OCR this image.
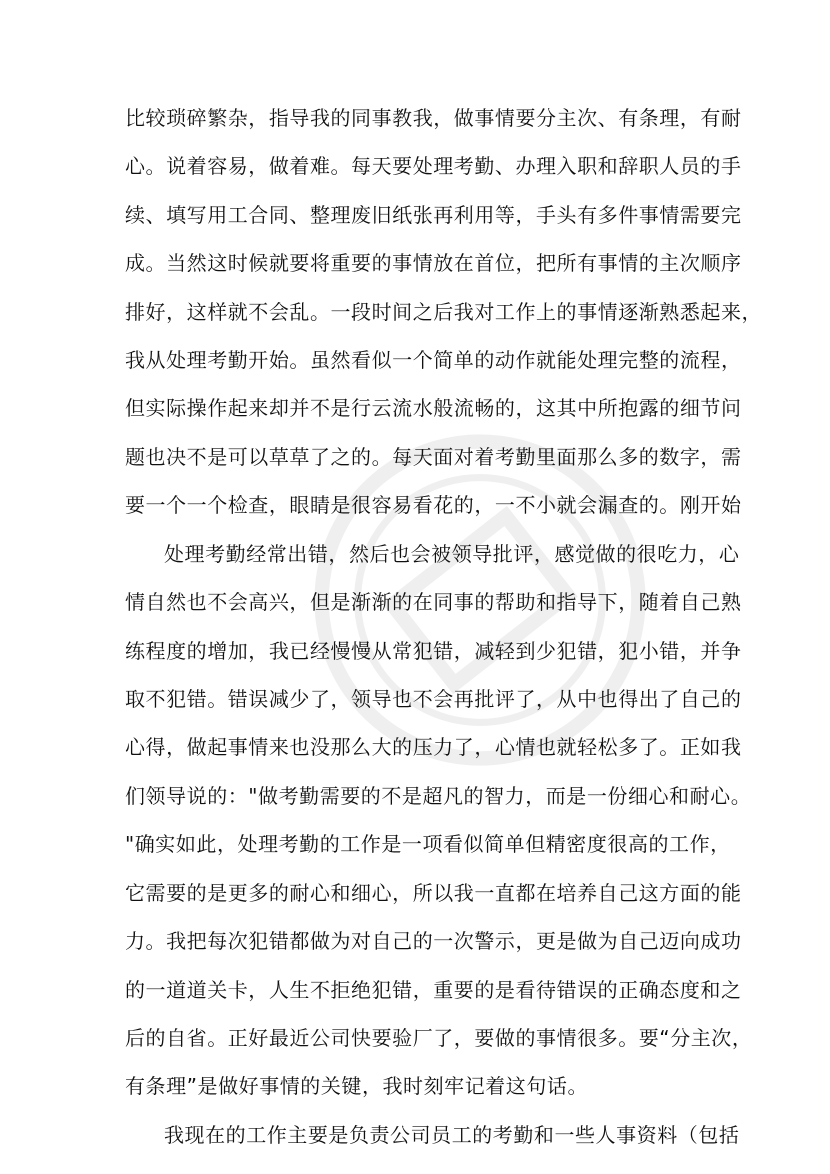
比较琐碎繁杂，指导我的同事教我，做事情要分主次、有条理，有耐
心。说着容易，做着难。每天要处理考勤、办理入职和辞职人员的手
续、填写用工合同、整理废旧纸张再利用等，手头有多件事情需要完
成。当然这时候就要将重要的事情放在首位，把所有事情的主次顺序
排好，这样就不会乱。一段时间之后我对工作上的事情逐渐熟悉起来，
我从处理考勤开始。虽然看似一个简单的动作就能处理完整的流程，
但实际操作起来却并不是行云流水般流畅的，这其中所抱露的细节问
题也决不是可以草草了之的。每天面对着考勤里面那么多的数字，需
要一个一个检查，眼睛是很容易看花的，一不小就会漏查的。刚开始
处理考勤经常出错，然后也会被领导批评，感觉做的很吃力，心
情自然也不会高兴，但是渐渐的在同事的帮助和指导下，随着自己熟
练程度的增加，我已经慢慢从常犯错，减轻到少犯错，犯小错，并争
取不犯错。错误减少了，领导也不会再批评了，从中也得出了自己的
心得，做起事情来也没那么大的压力了，心情也就轻松多了。正如我
们领导说的："做考勤需要的不是超凡的智力，而是一份细心和耐心。
"确实如此，处理考勤的工作是一项看似简单但精密度很高的工作，
它需要的是更多的耐心和细心，所以我一直都在培养自己这方面的能
力。我把每次犯错都做为对自己的一次警示，更是做为自己迈向成功
的一道道关卡，人生不拒绝犯错，重要的是看待错误的正确态度和之
后的自省。正好最近公司快要验厂了，要做的事情很多。要“分主次，
有条理”是做好事情的关键，我时刻牢记着这句话。
我现在的工作主要是负责公司员工的考勤和一些人事资料（包括
